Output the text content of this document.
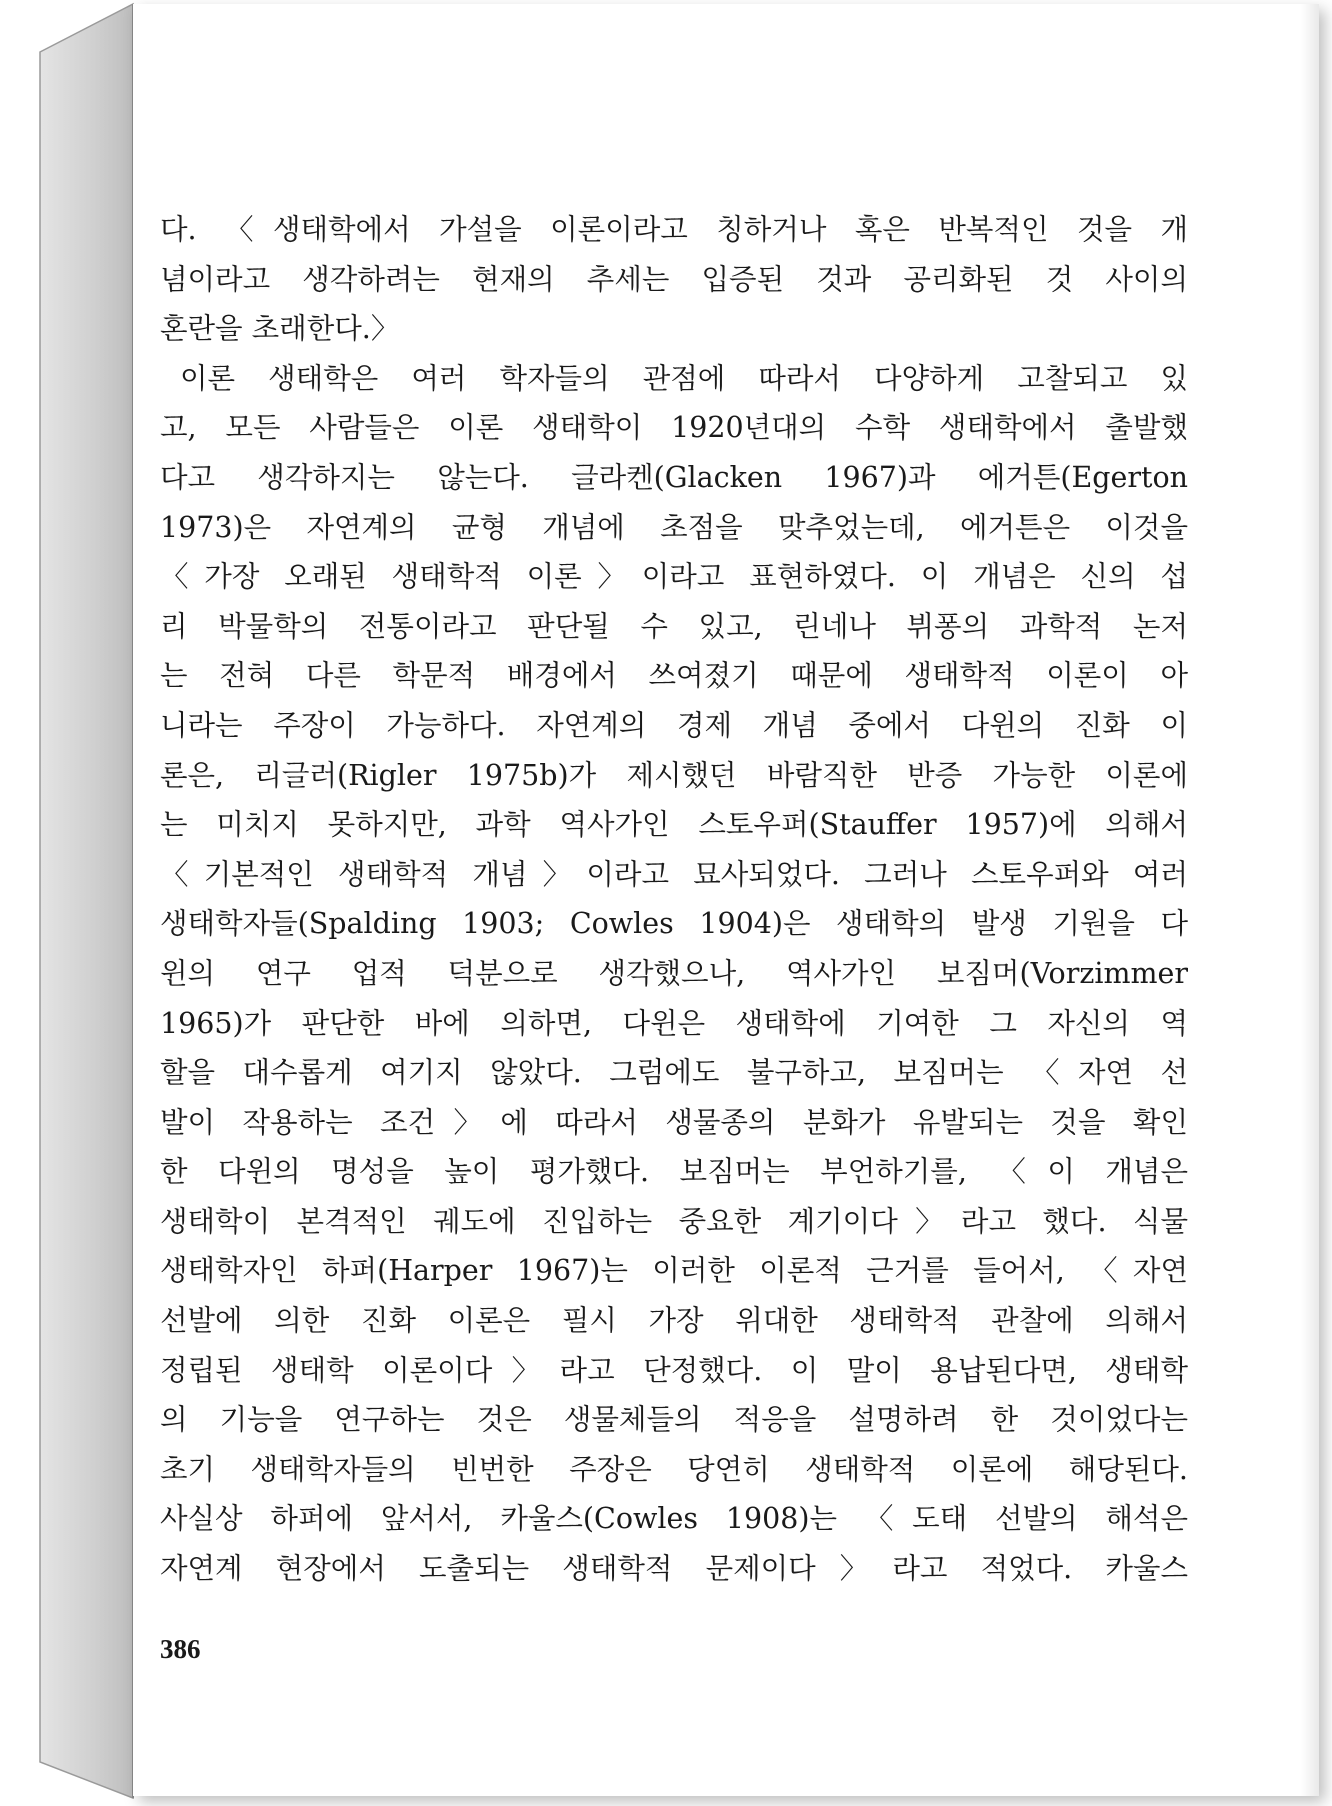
다. 〈생태학에서 가설을 이론이라고 칭하거나 혹은 반복적인 것을 개
념이라고 생각하려는 현재의 추세는 입증된 것과 공리화된 것 사이의
혼란을 초래한다.〉
이론 생태학은 여러 학자들의 관점에 따라서 다양하게 고찰되고 있
고, 모든 사람들은 이론 생태학이 1920년대의 수학 생태학에서 출발했
다고 생각하지는 않는다. 글라켄(Glacken 1967)과 에거튼(Egerton
1973)은 자연계의 균형 개념에 초점을 맞추었는데, 에거튼은 이것을
〈가장 오래된 생태학적 이론〉이라고 표현하였다. 이 개념은 신의 섭
리 박물학의 전통이라고 판단될 수 있고, 린네나 뷔퐁의 과학적 논저
는 전혀 다른 학문적 배경에서 쓰여졌기 때문에 생태학적 이론이 아
니라는 주장이 가능하다. 자연계의 경제 개념 중에서 다윈의 진화 이
론은, 리글러(Rigler 1975b)가 제시했던 바람직한 반증 가능한 이론에
는 미치지 못하지만, 과학 역사가인 스토우퍼(Stauffer 1957)에 의해서
〈기본적인 생태학적 개념〉이라고 묘사되었다. 그러나 스토우퍼와 여러
생태학자들(Spalding 1903; Cowles 1904)은 생태학의 발생 기원을 다
윈의 연구 업적 덕분으로 생각했으나, 역사가인 보짐머(Vorzimmer
1965)가 판단한 바에 의하면, 다윈은 생태학에 기여한 그 자신의 역
할을 대수롭게 여기지 않았다. 그럼에도 불구하고, 보짐머는 〈자연 선
발이 작용하는 조건〉에 따라서 생물종의 분화가 유발되는 것을 확인
한 다윈의 명성을 높이 평가했다. 보짐머는 부언하기를, 〈이 개념은
생태학이 본격적인 궤도에 진입하는 중요한 계기이다〉라고 했다. 식물
생태학자인 하퍼(Harper 1967)는 이러한 이론적 근거를 들어서, 〈자연
선발에 의한 진화 이론은 필시 가장 위대한 생태학적 관찰에 의해서
정립된 생태학 이론이다〉라고 단정했다. 이 말이 용납된다면, 생태학
의 기능을 연구하는 것은 생물체들의 적응을 설명하려 한 것이었다는
초기 생태학자들의 빈번한 주장은 당연히 생태학적 이론에 해당된다.
사실상 하퍼에 앞서서, 카울스(Cowles 1908)는 〈도태 선발의 해석은
자연계 현장에서 도출되는 생태학적 문제이다〉라고 적었다. 카울스
386
